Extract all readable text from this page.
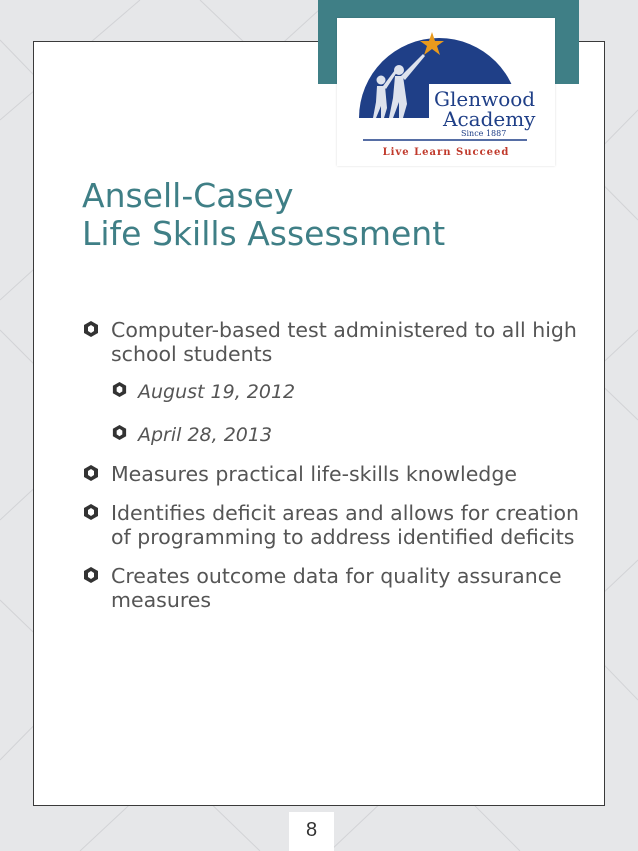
Glenwood
Academy
Since 1887
Live Learn Succeed
Ansell-Casey
Life Skills Assessment
Computer-based test administered to all high school students
August 19, 2012
April 28, 2013
Measures practical life-skills knowledge
Identifies deficit areas and allows for creation of programming to address identified deficits
Creates outcome data for quality assurance measures
8
